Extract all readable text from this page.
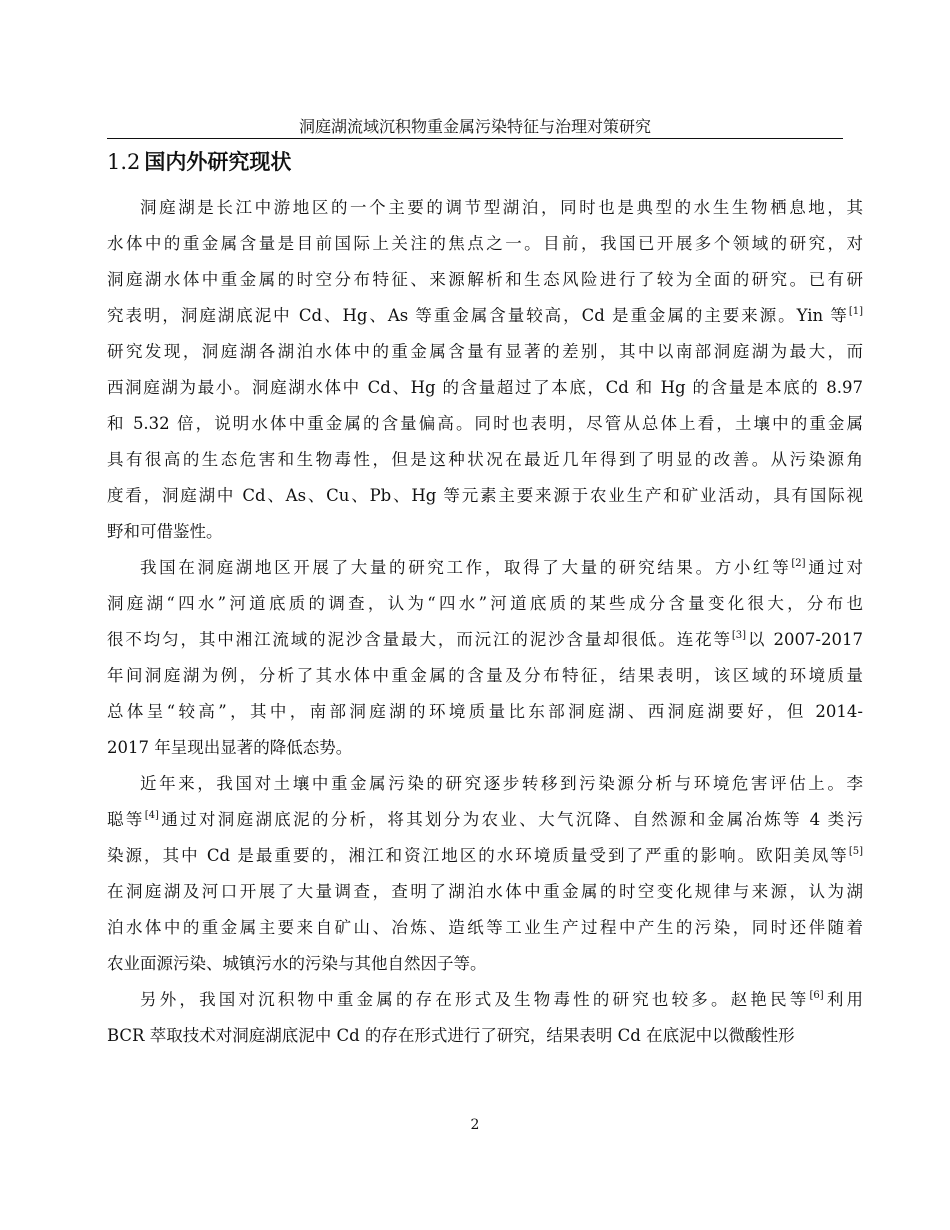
洞庭湖流域沉积物重金属污染特征与治理对策研究
1.2 国内外研究现状
洞庭湖是长江中游地区的一个主要的调节型湖泊，同时也是典型的水生生物栖息地，其
水体中的重金属含量是目前国际上关注的焦点之一。目前，我国已开展多个领域的研究，对
洞庭湖水体中重金属的时空分布特征、来源解析和生态风险进行了较为全面的研究。已有研
究表明，洞庭湖底泥中 Cd、Hg、As 等重金属含量较高，Cd 是重金属的主要来源。Yin 等[1]
研究发现，洞庭湖各湖泊水体中的重金属含量有显著的差别，其中以南部洞庭湖为最大，而
西洞庭湖为最小。洞庭湖水体中 Cd、Hg 的含量超过了本底，Cd 和 Hg 的含量是本底的 8.97
和 5.32 倍，说明水体中重金属的含量偏高。同时也表明，尽管从总体上看，土壤中的重金属
具有很高的生态危害和生物毒性，但是这种状况在最近几年得到了明显的改善。从污染源角
度看，洞庭湖中 Cd、As、Cu、Pb、Hg 等元素主要来源于农业生产和矿业活动，具有国际视
野和可借鉴性。
我国在洞庭湖地区开展了大量的研究工作，取得了大量的研究结果。方小红等[2]通过对
洞庭湖“四水”河道底质的调查，认为“四水”河道底质的某些成分含量变化很大，分布也
很不均匀，其中湘江流域的泥沙含量最大，而沅江的泥沙含量却很低。连花等[3]以 2007-2017
年间洞庭湖为例，分析了其水体中重金属的含量及分布特征，结果表明，该区域的环境质量
总体呈“较高”，其中，南部洞庭湖的环境质量比东部洞庭湖、西洞庭湖要好，但 2014-
2017 年呈现出显著的降低态势。
近年来，我国对土壤中重金属污染的研究逐步转移到污染源分析与环境危害评估上。李
聪等[4]通过对洞庭湖底泥的分析，将其划分为农业、大气沉降、自然源和金属冶炼等 4 类污
染源，其中 Cd 是最重要的，湘江和资江地区的水环境质量受到了严重的影响。欧阳美凤等[5]
在洞庭湖及河口开展了大量调查，查明了湖泊水体中重金属的时空变化规律与来源，认为湖
泊水体中的重金属主要来自矿山、冶炼、造纸等工业生产过程中产生的污染，同时还伴随着
农业面源污染、城镇污水的污染与其他自然因子等。
另外，我国对沉积物中重金属的存在形式及生物毒性的研究也较多。赵艳民等[6]利用
BCR 萃取技术对洞庭湖底泥中 Cd 的存在形式进行了研究，结果表明 Cd 在底泥中以微酸性形
2
